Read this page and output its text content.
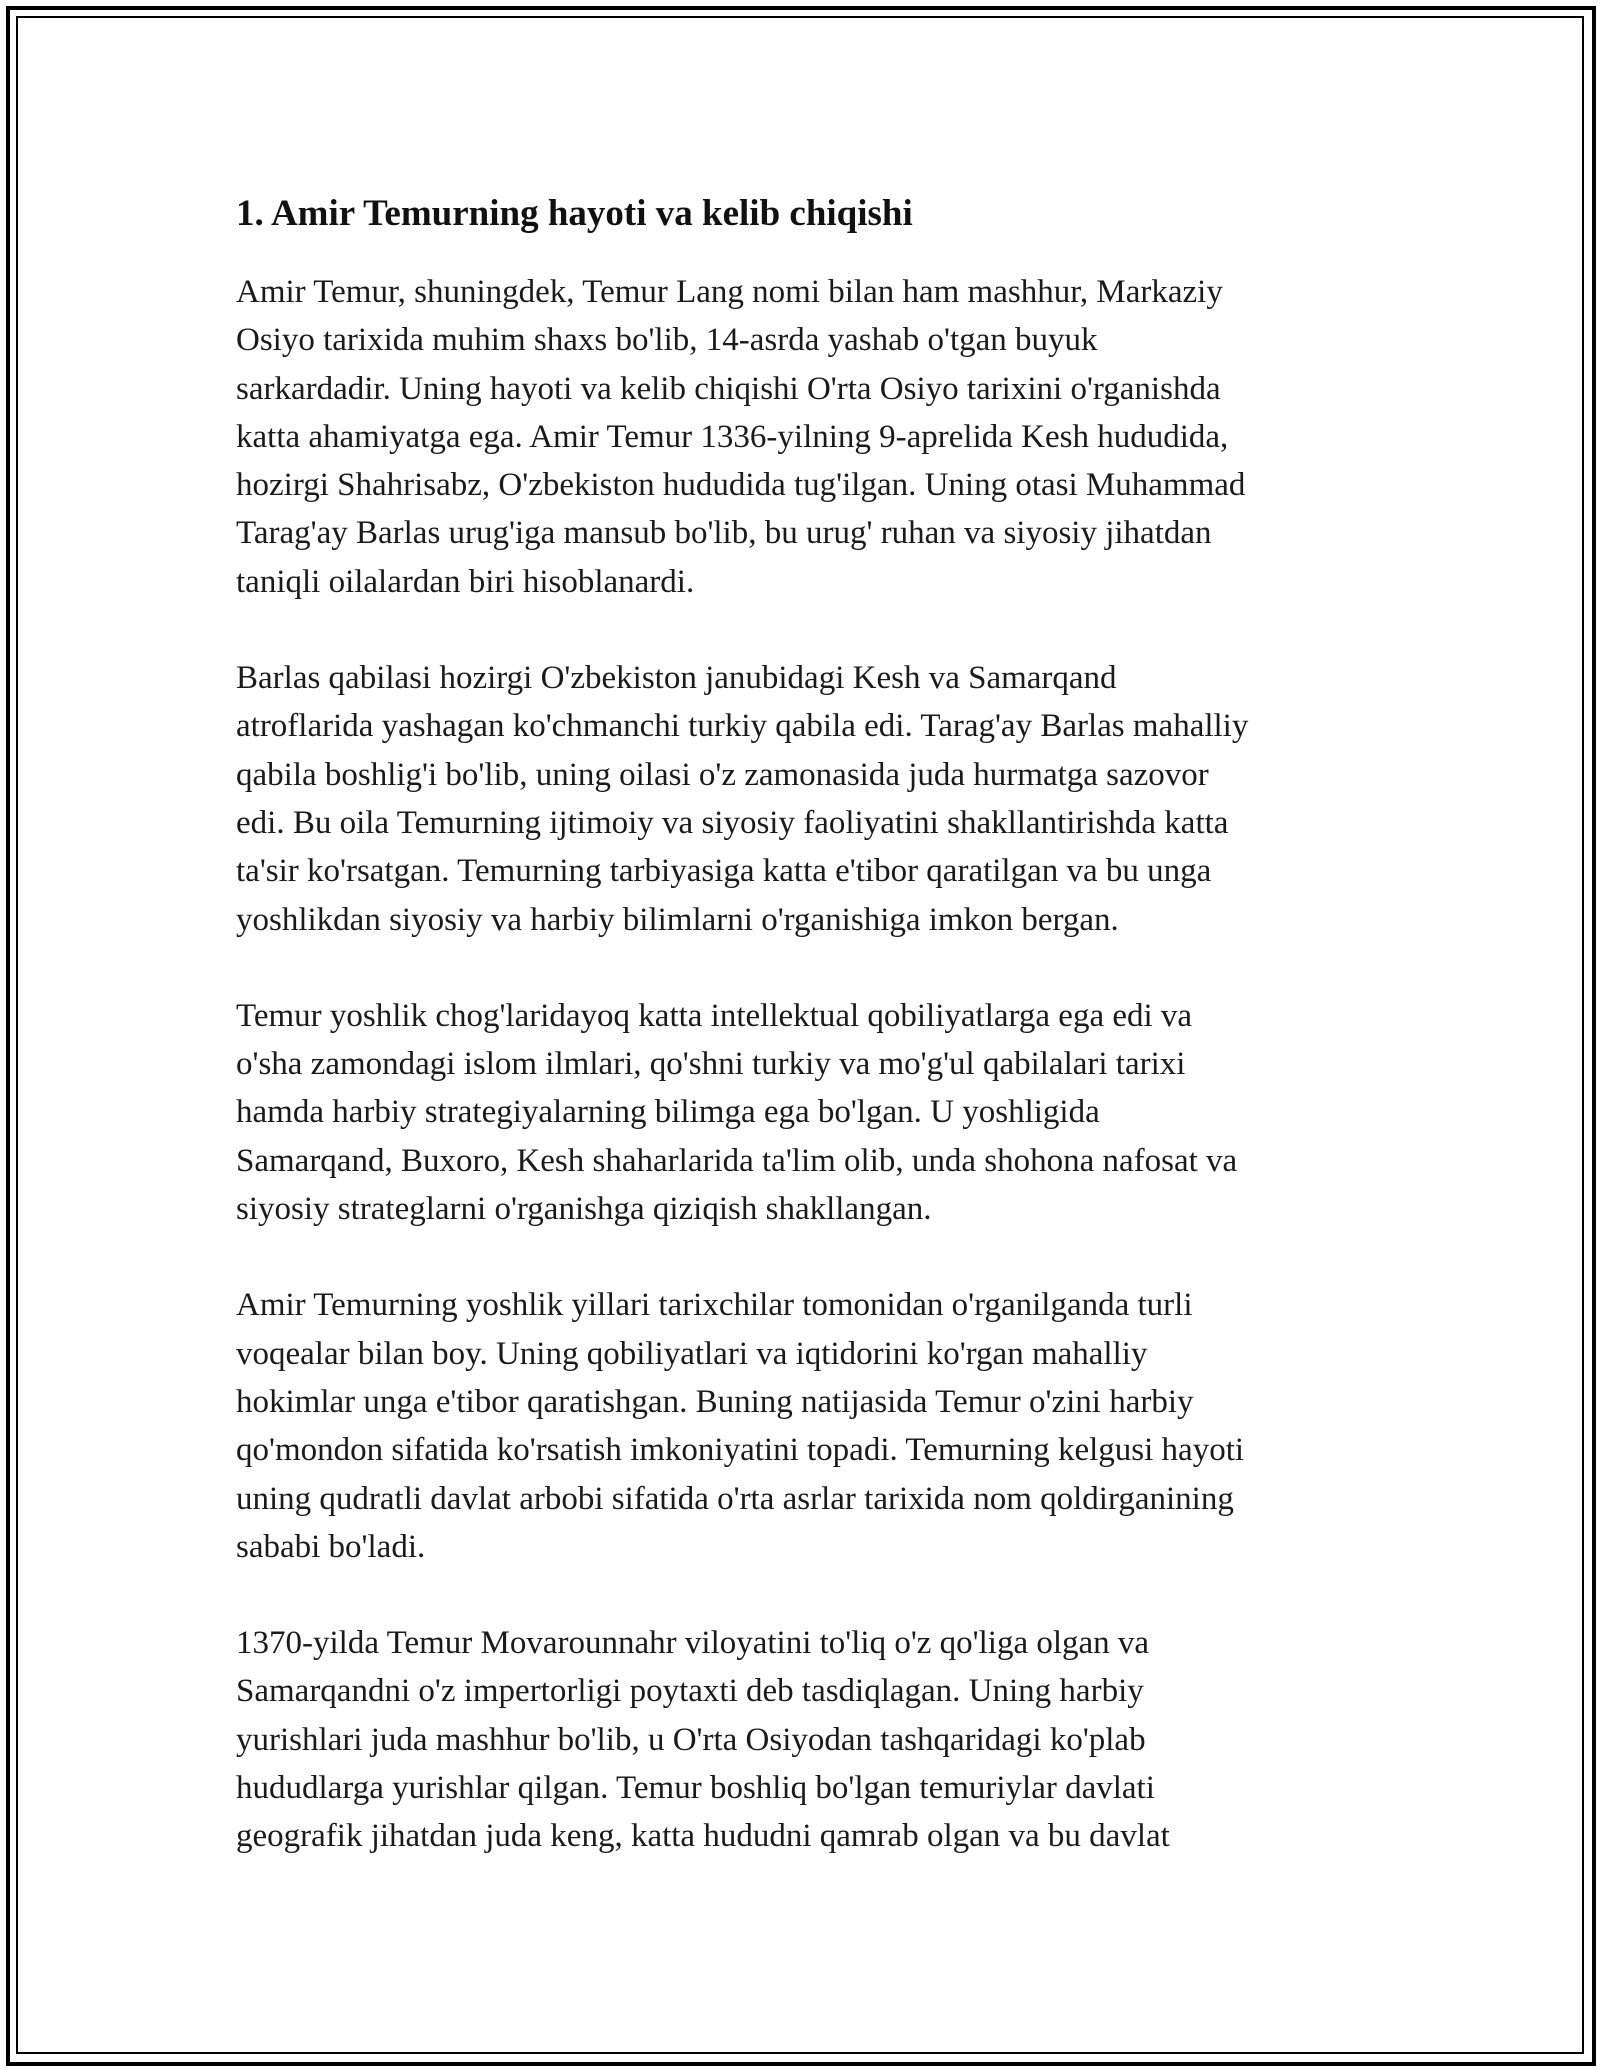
1. Amir Temurning hayoti va kelib chiqishi

Amir Temur, shuningdek, Temur Lang nomi bilan ham mashhur, Markaziy
Osiyo tarixida muhim shaxs bo'lib, 14-asrda yashab o'tgan buyuk
sarkardadir. Uning hayoti va kelib chiqishi O'rta Osiyo tarixini o'rganishda
katta ahamiyatga ega. Amir Temur 1336-yilning 9-aprelida Kesh hududida,
hozirgi Shahrisabz, O'zbekiston hududida tug'ilgan. Uning otasi Muhammad
Tarag'ay Barlas urug'iga mansub bo'lib, bu urug' ruhan va siyosiy jihatdan
taniqli oilalardan biri hisoblanardi.

Barlas qabilasi hozirgi O'zbekiston janubidagi Kesh va Samarqand
atroflarida yashagan ko'chmanchi turkiy qabila edi. Tarag'ay Barlas mahalliy
qabila boshlig'i bo'lib, uning oilasi o'z zamonasida juda hurmatga sazovor
edi. Bu oila Temurning ijtimoiy va siyosiy faoliyatini shakllantirishda katta
ta'sir ko'rsatgan. Temurning tarbiyasiga katta e'tibor qaratilgan va bu unga
yoshlikdan siyosiy va harbiy bilimlarni o'rganishiga imkon bergan.

Temur yoshlik chog'laridayoq katta intellektual qobiliyatlarga ega edi va
o'sha zamondagi islom ilmlari, qo'shni turkiy va mo'g'ul qabilalari tarixi
hamda harbiy strategiyalarning bilimga ega bo'lgan. U yoshligida
Samarqand, Buxoro, Kesh shaharlarida ta'lim olib, unda shohona nafosat va
siyosiy strateglarni o'rganishga qiziqish shakllangan.

Amir Temurning yoshlik yillari tarixchilar tomonidan o'rganilganda turli
voqealar bilan boy. Uning qobiliyatlari va iqtidorini ko'rgan mahalliy
hokimlar unga e'tibor qaratishgan. Buning natijasida Temur o'zini harbiy
qo'mondon sifatida ko'rsatish imkoniyatini topadi. Temurning kelgusi hayoti
uning qudratli davlat arbobi sifatida o'rta asrlar tarixida nom qoldirganining
sababi bo'ladi.

1370-yilda Temur Movarounnahr viloyatini to'liq o'z qo'liga olgan va
Samarqandni o'z impertorligi poytaxti deb tasdiqlagan. Uning harbiy
yurishlari juda mashhur bo'lib, u O'rta Osiyodan tashqaridagi ko'plab
hududlarga yurishlar qilgan. Temur boshliq bo'lgan temuriylar davlati
geografik jihatdan juda keng, katta hududni qamrab olgan va bu davlat
